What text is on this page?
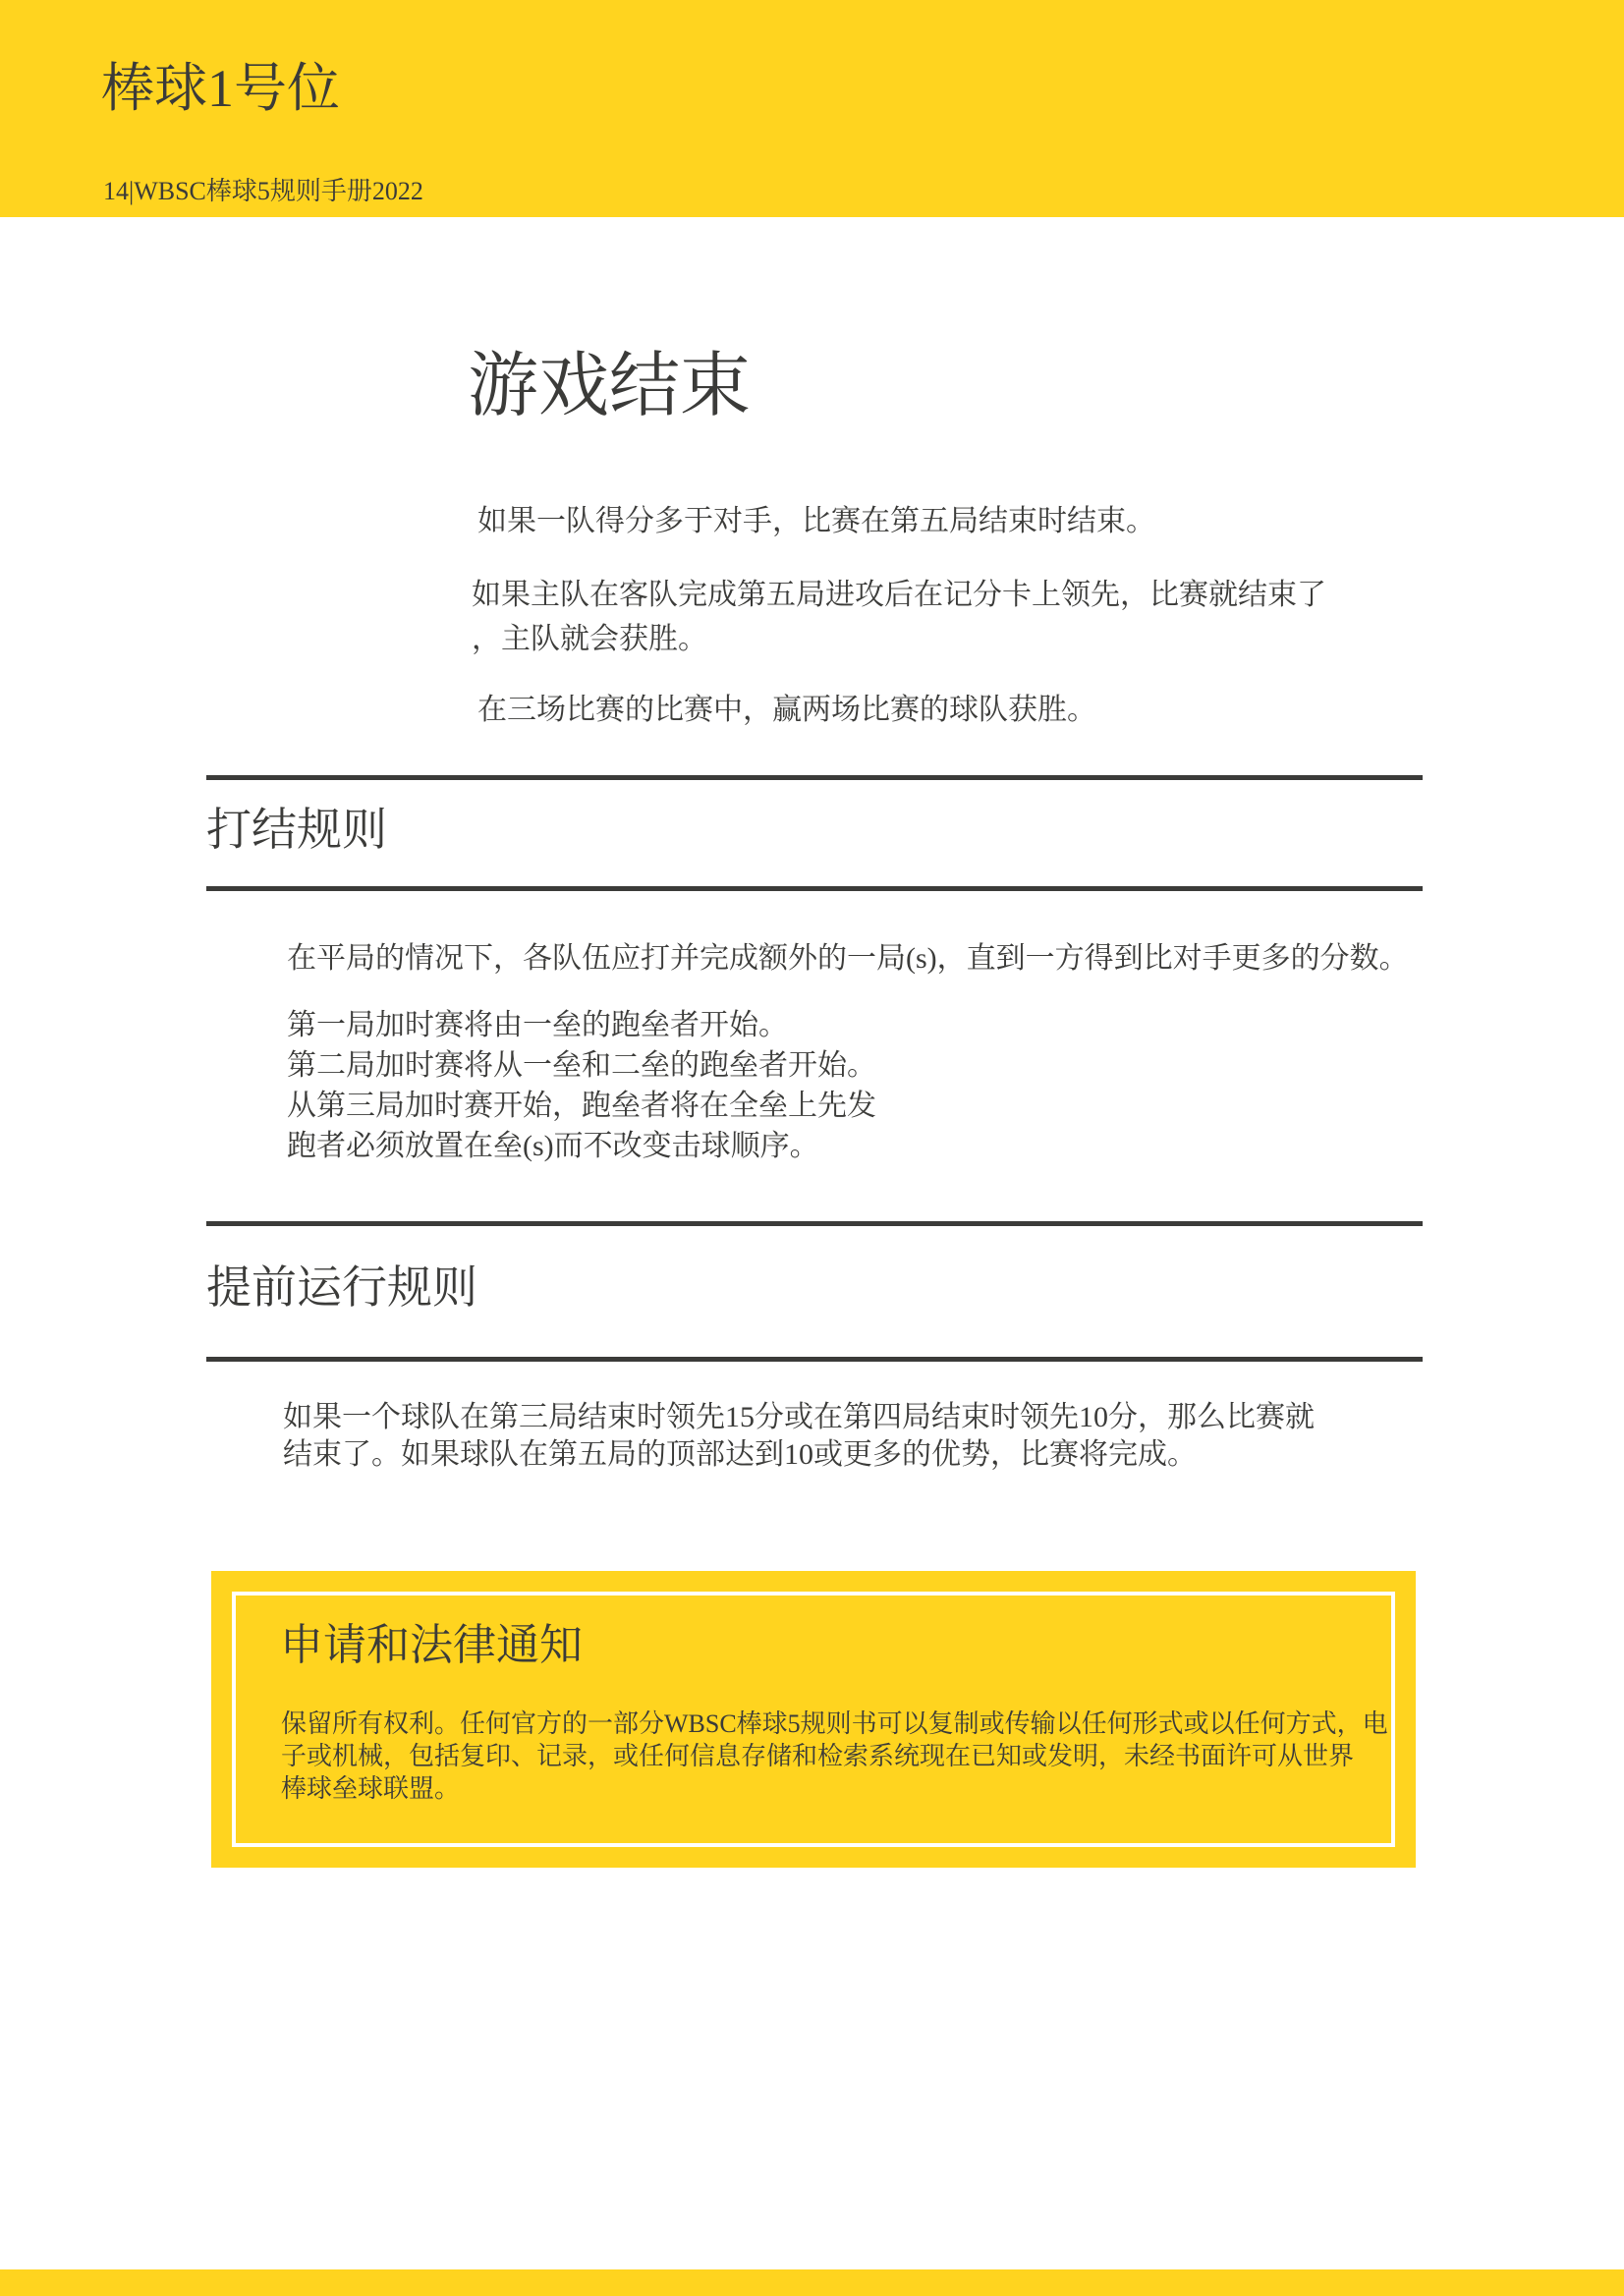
棒球1号位
14|WBSC棒球5规则手册2022
游戏结束

如果一队得分多于对手，比赛在第五局结束时结束。

如果主队在客队完成第五局进攻后在记分卡上领先，比赛就结束了
，主队就会获胜。

在三场比赛的比赛中，赢两场比赛的球队获胜。

打结规则

在平局的情况下，各队伍应打并完成额外的一局(s)，直到一方得到比对手更多的分数。

第一局加时赛将由一垒的跑垒者开始。
第二局加时赛将从一垒和二垒的跑垒者开始。
从第三局加时赛开始，跑垒者将在全垒上先发
跑者必须放置在垒(s)而不改变击球顺序。
提前运行规则
如果一个球队在第三局结束时领先15分或在第四局结束时领先10分，那么比赛就
结束了。如果球队在第五局的顶部达到10或更多的优势，比赛将完成。
申请和法律通知
保留所有权利。任何官方的一部分WBSC棒球5规则书可以复制或传输以任何形式或以任何方式，电
子或机械，包括复印、记录，或任何信息存储和检索系统现在已知或发明，未经书面许可从世界
棒球垒球联盟。
